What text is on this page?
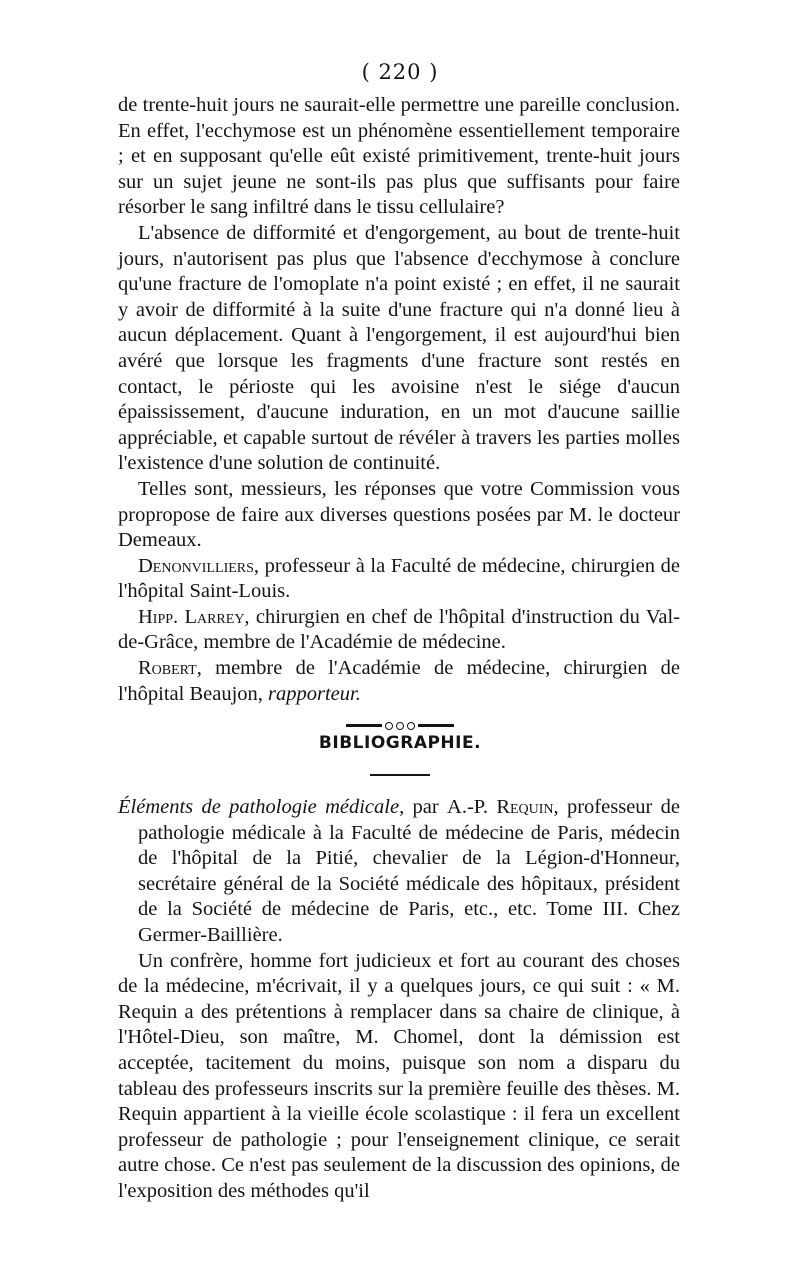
( 220 )

de trente-huit jours ne saurait-elle permettre une pareille conclusion. En effet, l'ecchymose est un phénomène essentiellement temporaire ; et en supposant qu'elle eût existé primitivement, trente-huit jours sur un sujet jeune ne sont-ils pas plus que suffisants pour faire résorber le sang infiltré dans le tissu cellulaire?

L'absence de difformité et d'engorgement, au bout de trente-huit jours, n'autorisent pas plus que l'absence d'ecchymose à conclure qu'une fracture de l'omoplate n'a point existé ; en effet, il ne saurait y avoir de difformité à la suite d'une fracture qui n'a donné lieu à aucun déplacement. Quant à l'engorgement, il est aujourd'hui bien avéré que lorsque les fragments d'une fracture sont restés en contact, le périoste qui les avoisine n'est le siége d'aucun épaississement, d'aucune induration, en un mot d'aucune saillie appréciable, et capable surtout de révéler à travers les parties molles l'existence d'une solution de continuité.

Telles sont, messieurs, les réponses que votre Commission vous propropose de faire aux diverses questions posées par M. le docteur Demeaux.

Denonvilliers, professeur à la Faculté de médecine, chirurgien de l'hôpital Saint-Louis.

Hipp. Larrey, chirurgien en chef de l'hôpital d'instruction du Val-de-Grâce, membre de l'Académie de médecine.

Robert, membre de l'Académie de médecine, chirurgien de l'hôpital Beaujon, rapporteur.

BIBLIOGRAPHIE.

Éléments de pathologie médicale, par A.-P. Requin, professeur de pathologie médicale à la Faculté de médecine de Paris, médecin de l'hôpital de la Pitié, chevalier de la Légion-d'Honneur, secrétaire général de la Société médicale des hôpitaux, président de la Société de médecine de Paris, etc., etc. Tome III. Chez Germer-Baillière.

Un confrère, homme fort judicieux et fort au courant des choses de la médecine, m'écrivait, il y a quelques jours, ce qui suit : « M. Requin a des prétentions à remplacer dans sa chaire de clinique, à l'Hôtel-Dieu, son maître, M. Chomel, dont la démission est acceptée, tacitement du moins, puisque son nom a disparu du tableau des professeurs inscrits sur la première feuille des thèses. M. Requin appartient à la vieille école scolastique : il fera un excellent professeur de pathologie ; pour l'enseignement clinique, ce serait autre chose. Ce n'est pas seulement de la discussion des opinions, de l'exposition des méthodes qu'il
